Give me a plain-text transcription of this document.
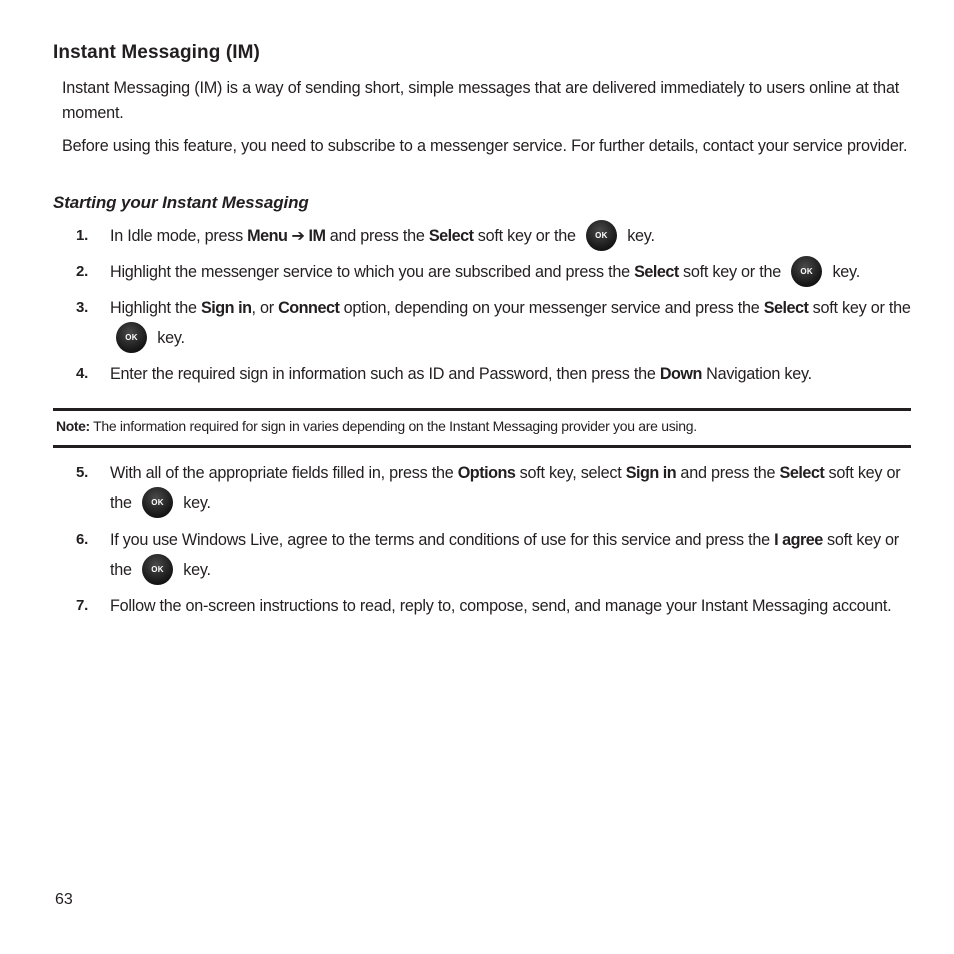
Instant Messaging (IM)
Instant Messaging (IM) is a way of sending short, simple messages that are delivered immediately to users online at that moment.
Before using this feature, you need to subscribe to a messenger service. For further details, contact your service provider.
Starting your Instant Messaging
1. In Idle mode, press Menu ➔ IM and press the Select soft key or the OK key.
2. Highlight the messenger service to which you are subscribed and press the Select soft key or the OK key.
3. Highlight the Sign in, or Connect option, depending on your messenger service and press the Select soft key or the OK key.
4. Enter the required sign in information such as ID and Password, then press the Down Navigation key.
Note: The information required for sign in varies depending on the Instant Messaging provider you are using.
5. With all of the appropriate fields filled in, press the Options soft key, select Sign in and press the Select soft key or the OK key.
6. If you use Windows Live, agree to the terms and conditions of use for this service and press the I agree soft key or the OK key.
7. Follow the on-screen instructions to read, reply to, compose, send, and manage your Instant Messaging account.
63
